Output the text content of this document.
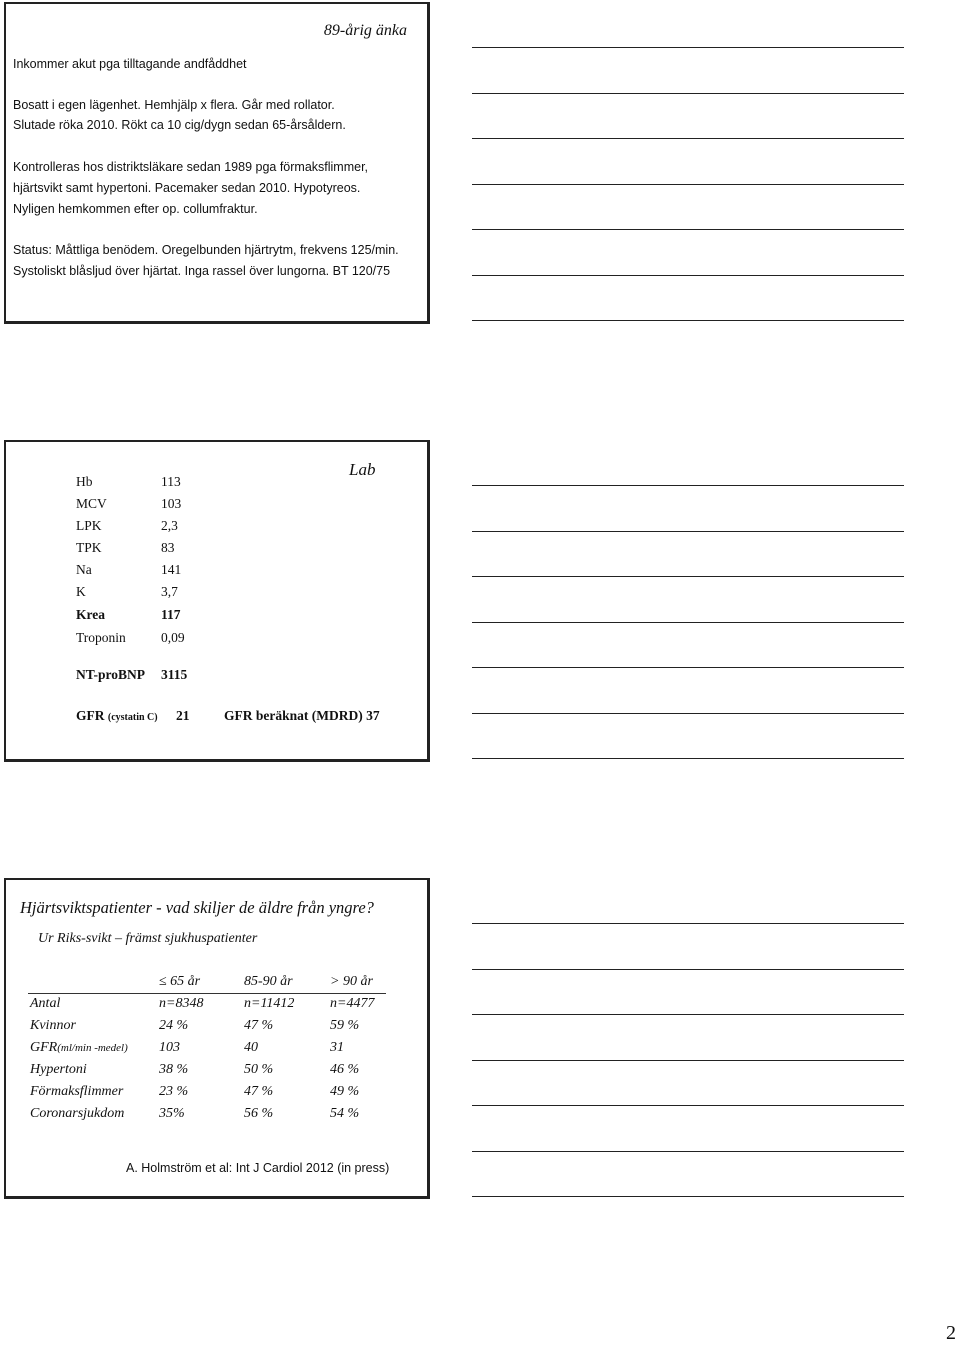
89-årig änka
Inkommer akut pga tilltagande andfåddhet
Bosatt i egen lägenhet. Hemhjälp x flera. Går med rollator.
Slutade röka 2010. Rökt ca 10 cig/dygn sedan 65-årsåldern.
Kontrolleras hos distriktsläkare sedan 1989 pga förmaksflimmer,
hjärtsvikt samt hypertoni. Pacemaker sedan 2010. Hypotyreos.
Nyligen hemkommen efter op. collumfraktur.
Status: Måttliga benödem. Oregelbunden hjärtrytm, frekvens 125/min.
Systoliskt blåsljud över hjärtat. Inga rassel över lungorna. BT 120/75
Lab
Hb	113
MCV	103
LPK	2,3
TPK	83
Na	141
K	3,7
Krea	117
Troponin	0,09
NT-proBNP 3115
GFR (cystatin C) 21	GFR beräknat (MDRD) 37
Hjärtsviktspatienter - vad skiljer de äldre från yngre?
Ur Riks-svikt – främst sjukhuspatienter
≤ 65 år	85-90 år	> 90 år
Antal	n=8348	n=11412	n=4477
Kvinnor	24 %	47 %	59 %
GFR(ml/min -medel) 103	40	31
Hypertoni	38 %	50 %	46 %
Förmaksflimmer	23 %	47 %	49 %
Coronarsjukdom 35%	56 %	54 %
A. Holmström et al: Int J Cardiol 2012 (in press)
2
